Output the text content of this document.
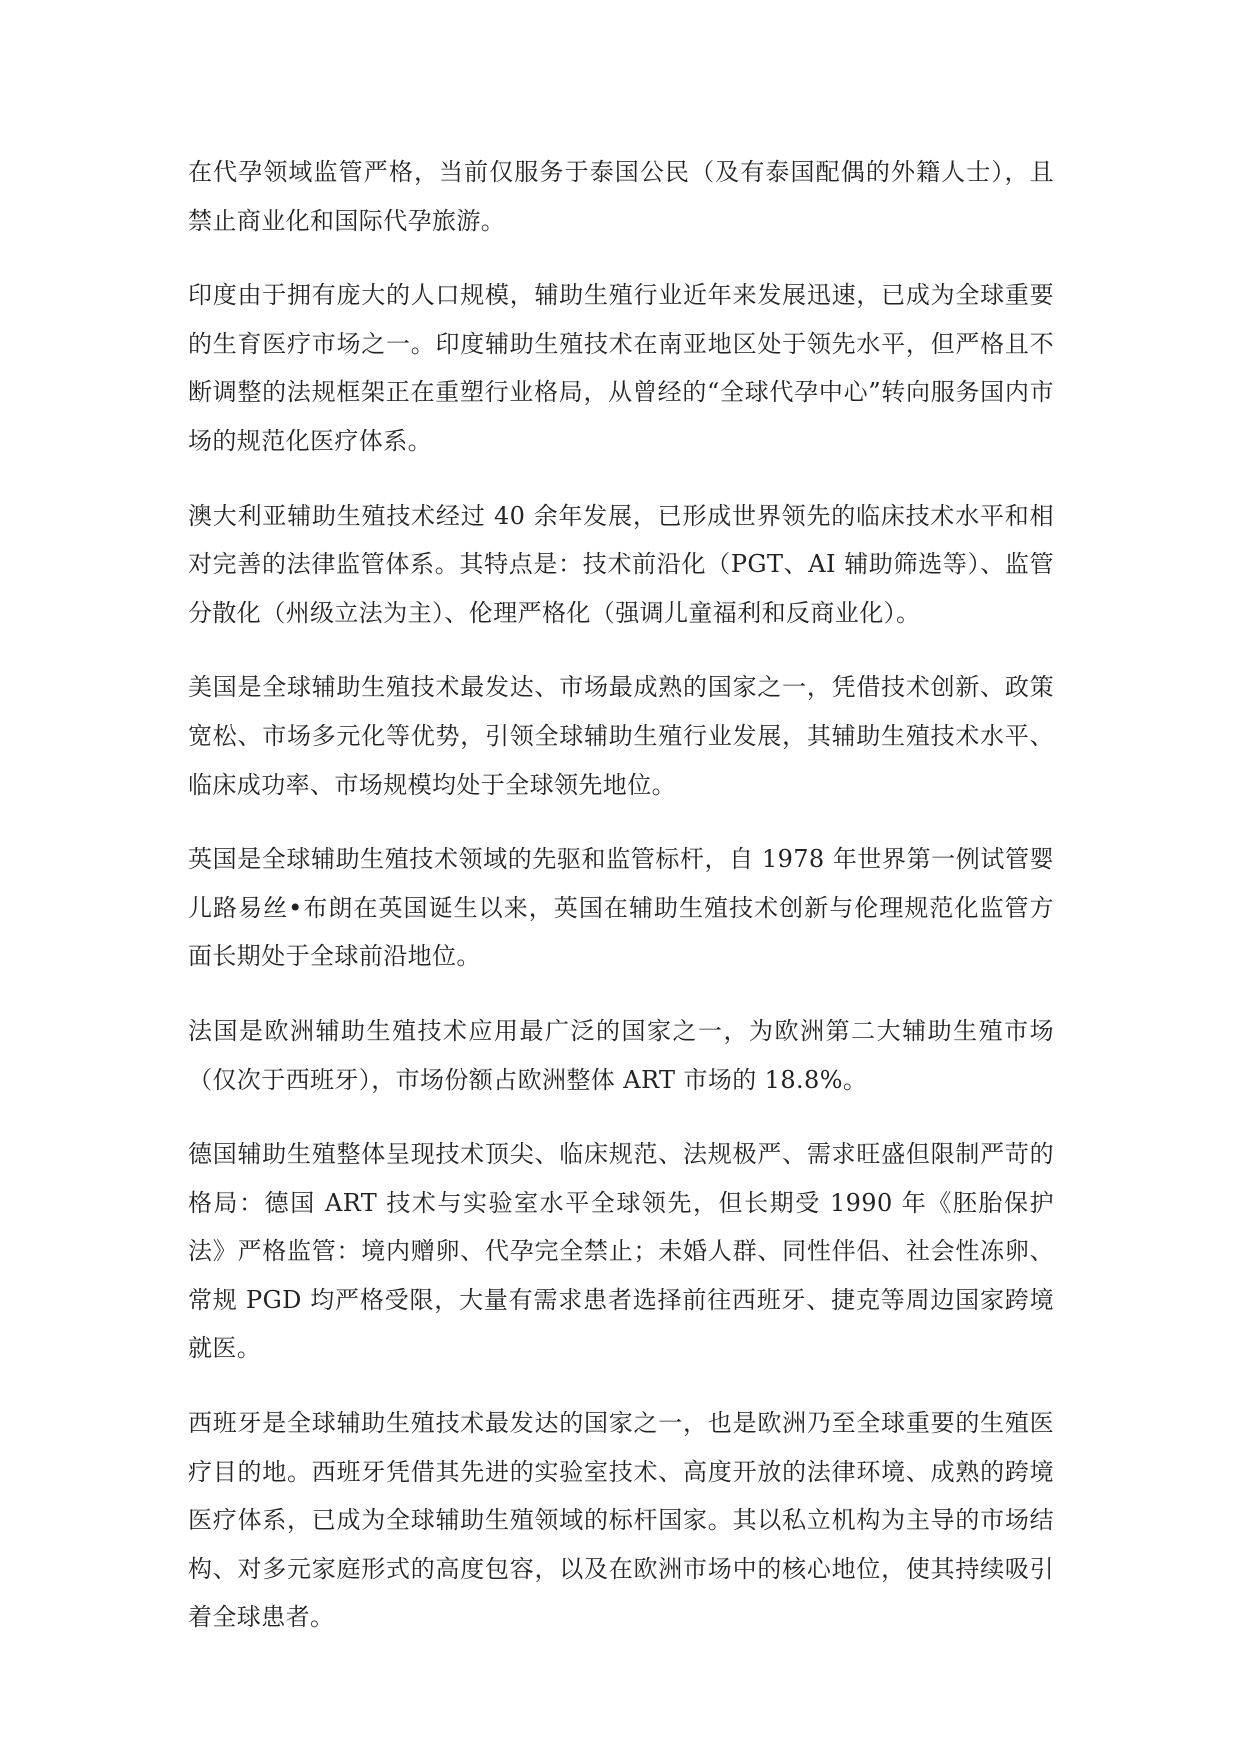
在代孕领域监管严格，当前仅服务于泰国公民（及有泰国配偶的外籍人士），且禁止商业化和国际代孕旅游。

印度由于拥有庞大的人口规模，辅助生殖行业近年来发展迅速，已成为全球重要的生育医疗市场之一。印度辅助生殖技术在南亚地区处于领先水平，但严格且不断调整的法规框架正在重塑行业格局，从曾经的“全球代孕中心”转向服务国内市场的规范化医疗体系。

澳大利亚辅助生殖技术经过 40 余年发展，已形成世界领先的临床技术水平和相对完善的法律监管体系。其特点是：技术前沿化（PGT、AI 辅助筛选等）、监管分散化（州级立法为主）、伦理严格化（强调儿童福利和反商业化）。

美国是全球辅助生殖技术最发达、市场最成熟的国家之一，凭借技术创新、政策宽松、市场多元化等优势，引领全球辅助生殖行业发展，其辅助生殖技术水平、临床成功率、市场规模均处于全球领先地位。

英国是全球辅助生殖技术领域的先驱和监管标杆，自 1978 年世界第一例试管婴儿路易丝•布朗在英国诞生以来，英国在辅助生殖技术创新与伦理规范化监管方面长期处于全球前沿地位。

法国是欧洲辅助生殖技术应用最广泛的国家之一，为欧洲第二大辅助生殖市场（仅次于西班牙），市场份额占欧洲整体 ART 市场的 18.8%。

德国辅助生殖整体呈现技术顶尖、临床规范、法规极严、需求旺盛但限制严苛的格局：德国 ART 技术与实验室水平全球领先，但长期受 1990 年《胚胎保护法》严格监管：境内赠卵、代孕完全禁止；未婚人群、同性伴侣、社会性冻卵、常规 PGD 均严格受限，大量有需求患者选择前往西班牙、捷克等周边国家跨境就医。

西班牙是全球辅助生殖技术最发达的国家之一，也是欧洲乃至全球重要的生殖医疗目的地。西班牙凭借其先进的实验室技术、高度开放的法律环境、成熟的跨境医疗体系，已成为全球辅助生殖领域的标杆国家。其以私立机构为主导的市场结构、对多元家庭形式的高度包容，以及在欧洲市场中的核心地位，使其持续吸引着全球患者。
